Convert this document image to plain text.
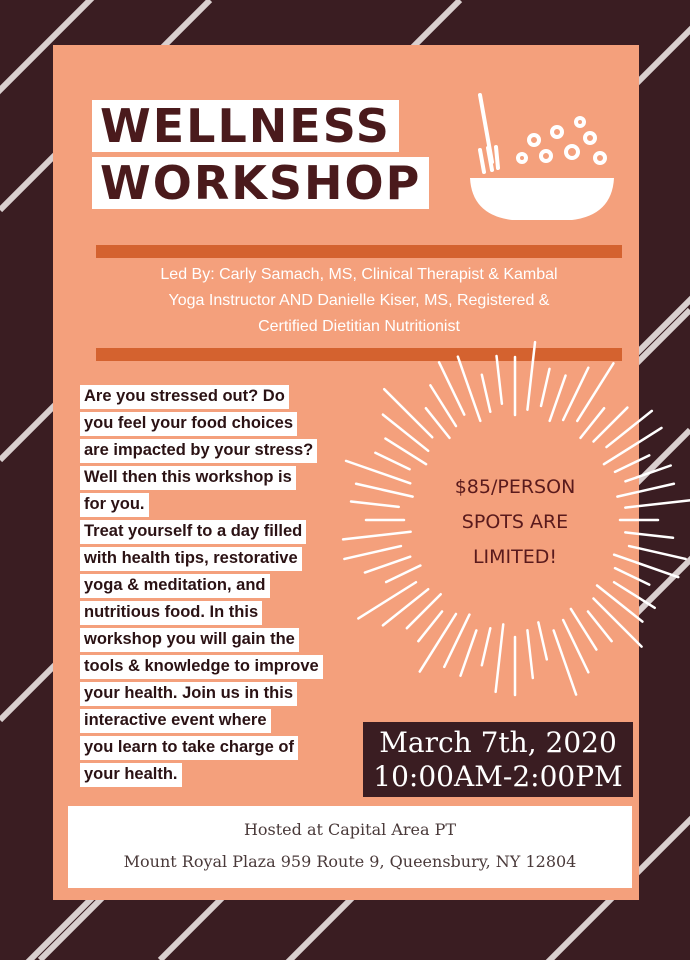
WELLNESS
WORKSHOP
Led By: Carly Samach, MS, Clinical Therapist & Kambal
Yoga Instructor AND Danielle Kiser, MS, Registered &
Certified Dietitian Nutritionist
$85/PERSON
SPOTS ARE
LIMITED!
Are you stressed out? Do
you feel your food choices
are impacted by your stress?
Well then this workshop is
for you.
Treat yourself to a day filled
with health tips, restorative
yoga & meditation, and
nutritious food. In this
workshop you will gain the
tools & knowledge to improve
your health. Join us in this
interactive event where
you learn to take charge of
your health.
March 7th, 2020
10:00AM-2:00PM
Hosted at Capital Area PT
Mount Royal Plaza 959 Route 9, Queensbury, NY 12804
